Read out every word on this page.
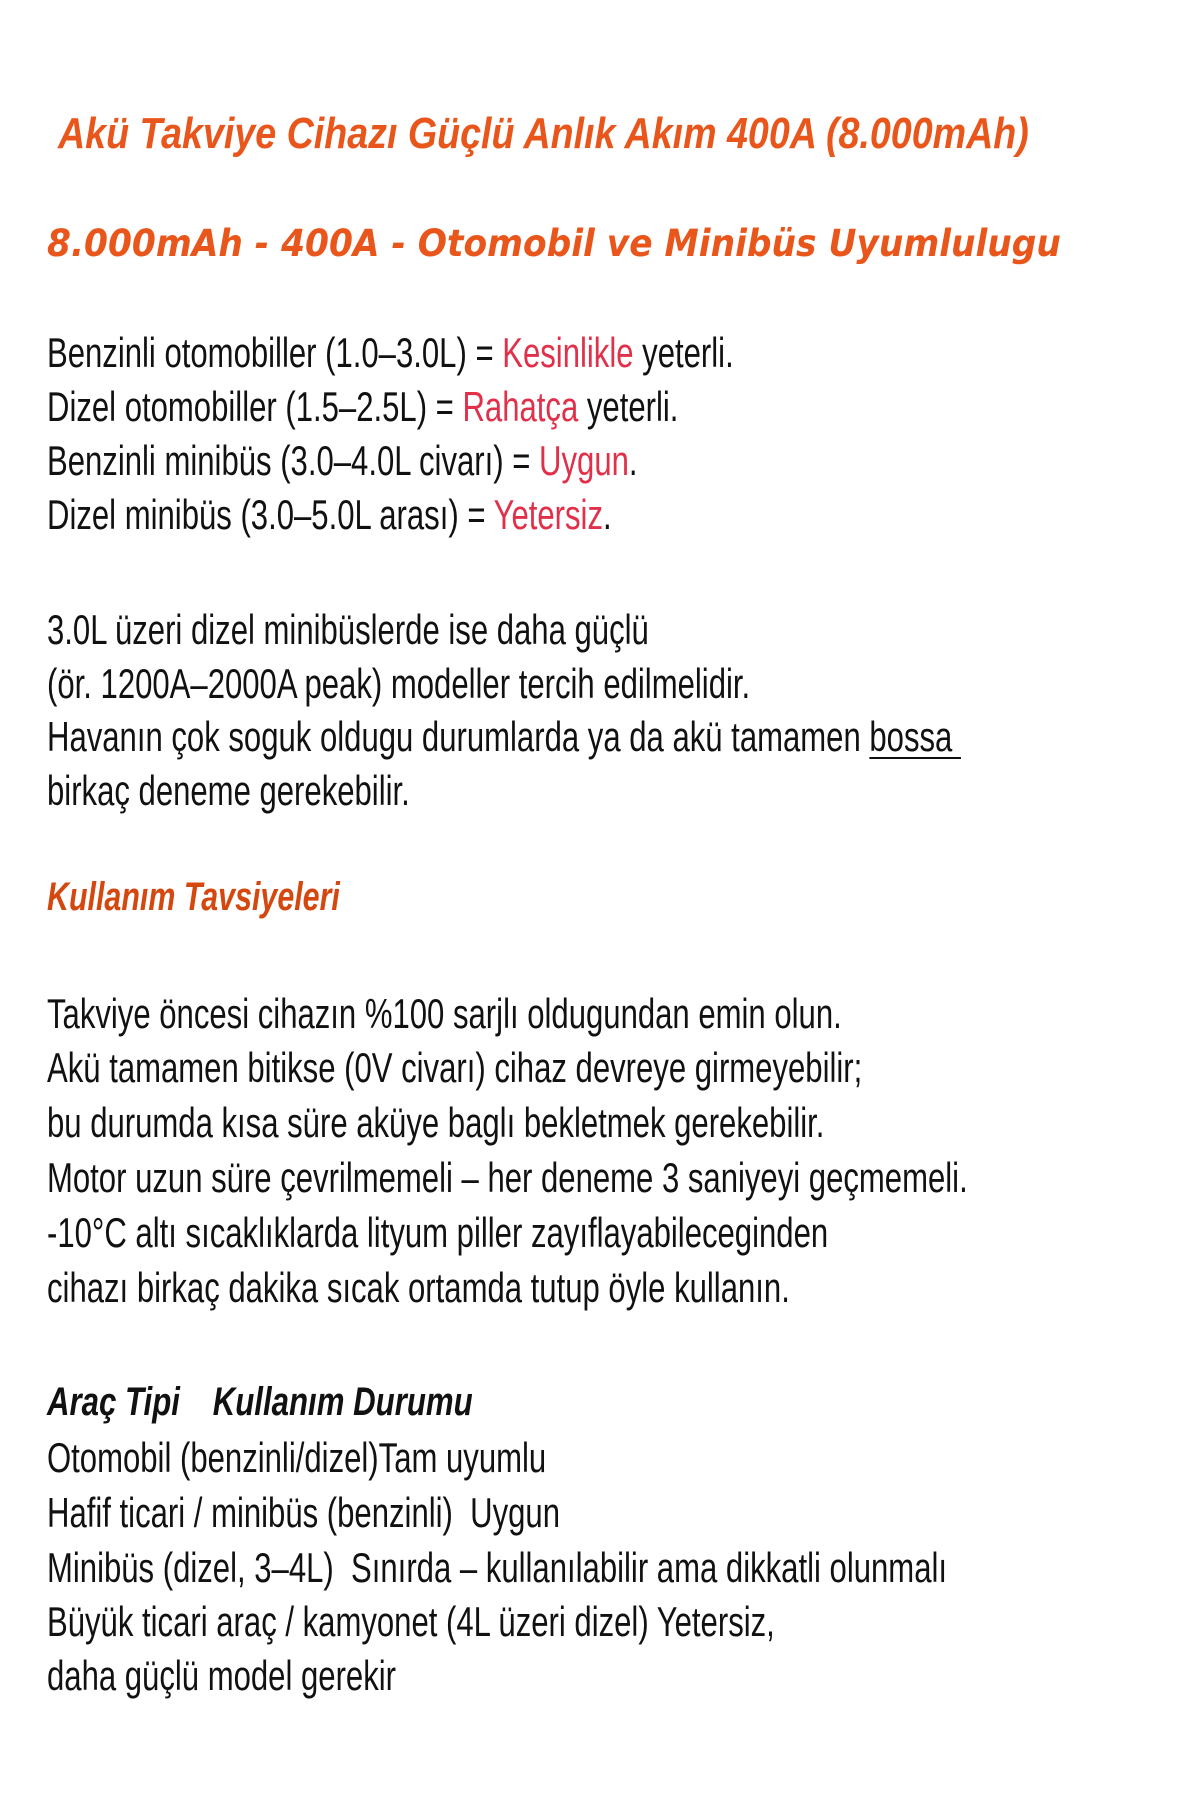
Akü Takviye Cihazı Güçlü Anlık Akım 400A (8.000mAh)
8.000mAh - 400A - Otomobil ve Minibüs Uyumlulugu
Benzinli otomobiller (1.0–3.0L) = Kesinlikle yeterli.
Dizel otomobiller (1.5–2.5L) = Rahatça yeterli.
Benzinli minibüs (3.0–4.0L civarı) = Uygun.
Dizel minibüs (3.0–5.0L arası) = Yetersiz.
3.0L üzeri dizel minibüslerde ise daha güçlü
(ör. 1200A–2000A peak) modeller tercih edilmelidir.
Havanın çok soguk oldugu durumlarda ya da akü tamamen bossa
birkaç deneme gerekebilir.
Kullanım Tavsiyeleri
Takviye öncesi cihazın %100 sarjlı oldugundan emin olun.
Akü tamamen bitikse (0V civarı) cihaz devreye girmeyebilir;
bu durumda kısa süre aküye baglı bekletmek gerekebilir.
Motor uzun süre çevrilmemeli – her deneme 3 saniyeyi geçmemeli.
-10°C altı sıcaklıklarda lityum piller zayıflayabileceginden
cihazı birkaç dakika sıcak ortamda tutup öyle kullanın.
Araç Tipi Kullanım Durumu
Otomobil (benzinli/dizel)Tam uyumlu
Hafif ticari / minibüs (benzinli)  Uygun
Minibüs (dizel, 3–4L)  Sınırda – kullanılabilir ama dikkatli olunmalı
Büyük ticari araç / kamyonet (4L üzeri dizel) Yetersiz,
daha güçlü model gerekir
